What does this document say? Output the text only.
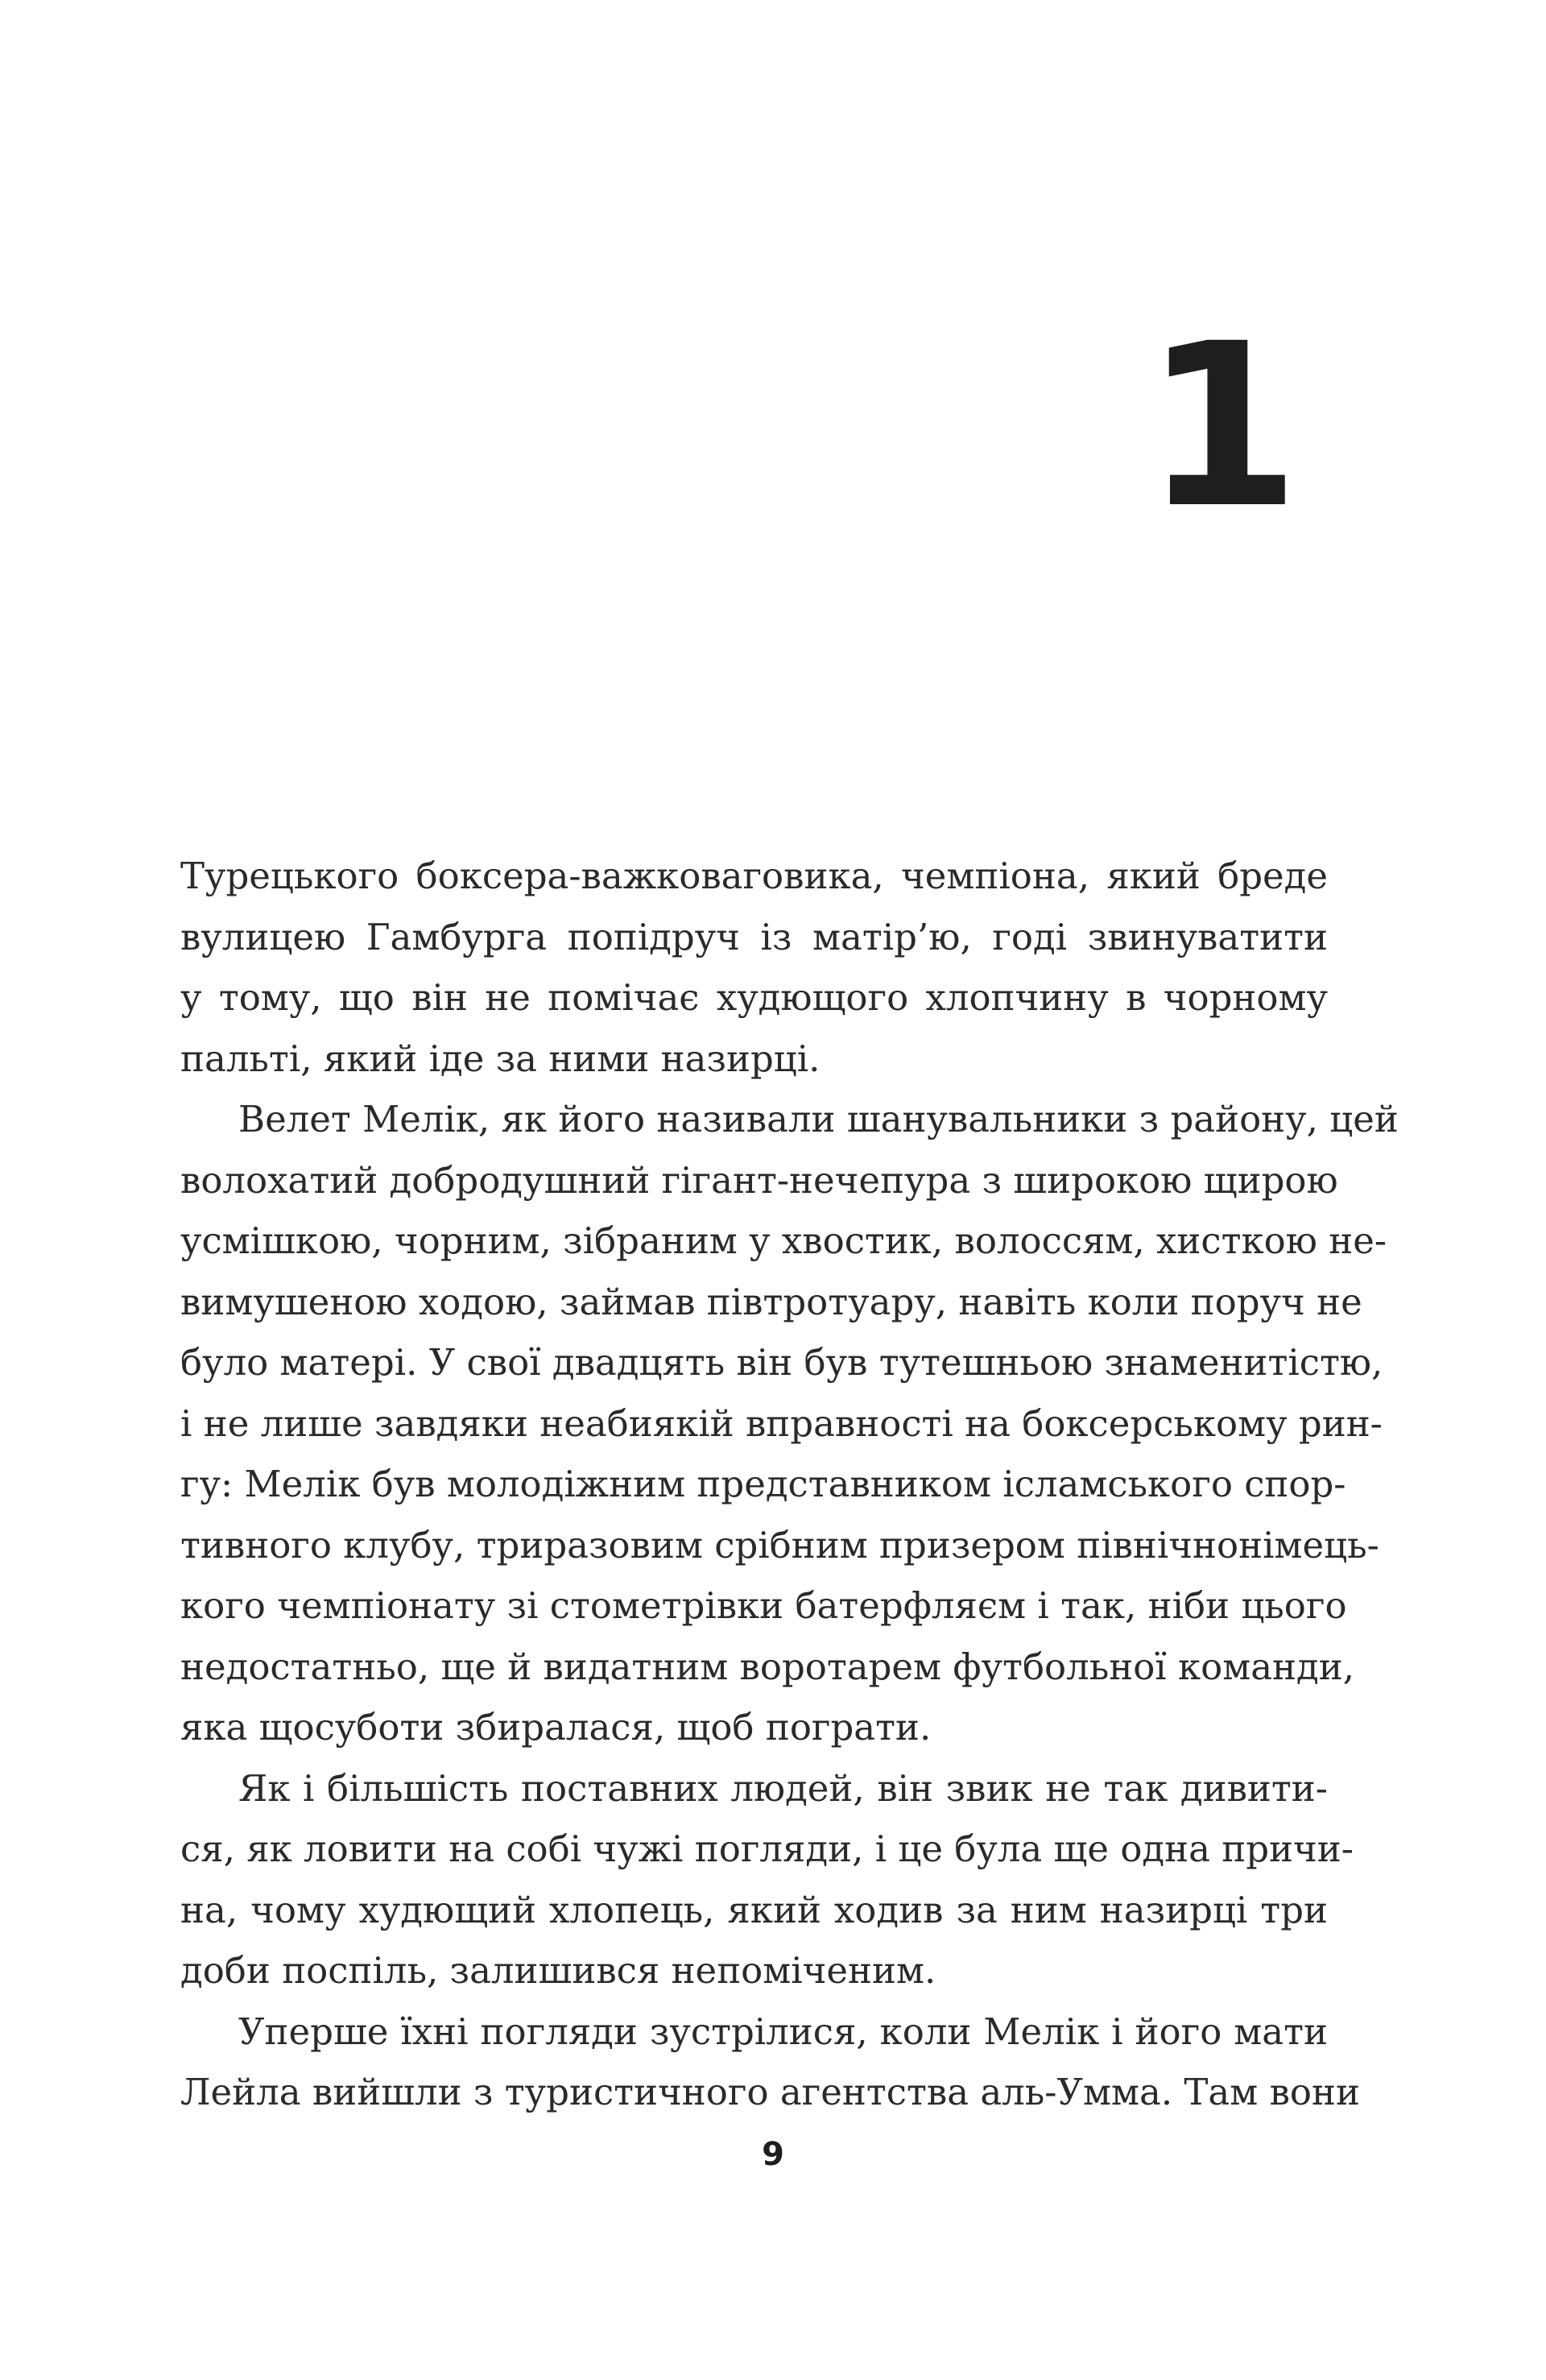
1
Турецького боксера-важковаговика, чемпіона, який бреде
вулицею Гамбурга попідруч із матір’ю, годі звинуватити
у тому, що він не помічає худющого хлопчину в чорному
пальті, який іде за ними назирці.
Велет Мелік, як його називали шанувальники з району, цей
волохатий добродушний гігант-нечепура з широкою щирою
усмішкою, чорним, зібраним у хвостик, волоссям, хисткою не-
вимушеною ходою, займав півтротуару, навіть коли поруч не
було матері. У свої двадцять він був тутешньою знаменитістю,
і не лише завдяки неабиякій вправності на боксерському рин-
гу: Мелік був молодіжним представником ісламського спор-
тивного клубу, триразовим срібним призером північнонімець-
кого чемпіонату зі стометрівки батерфляєм і так, ніби цього
недостатньо, ще й видатним воротарем футбольної команди,
яка щосуботи збиралася, щоб пограти.
Як і більшість поставних людей, він звик не так дивити-
ся, як ловити на собі чужі погляди, і це була ще одна причи-
на, чому худющий хлопець, який ходив за ним назирці три
доби поспіль, залишився непоміченим.
Уперше їхні погляди зустрілися, коли Мелік і його мати
Лейла вийшли з туристичного агентства аль-Умма. Там вони
9
